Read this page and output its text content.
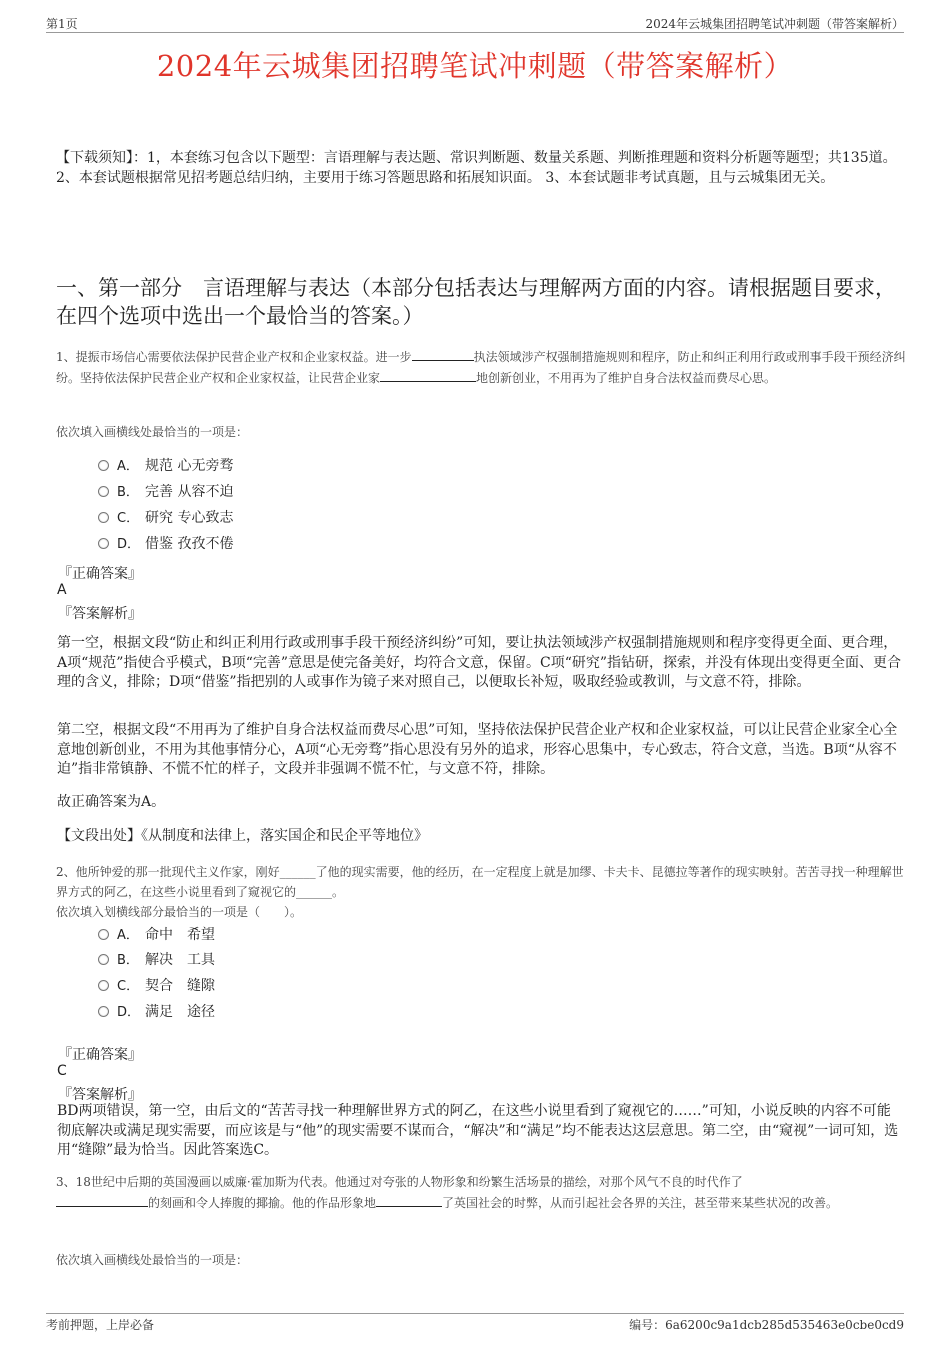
第1页	2024年云城集团招聘笔试冲刺题（带答案解析）
2024年云城集团招聘笔试冲刺题（带答案解析）
【下载须知】：1，本套练习包含以下题型：言语理解与表达题、常识判断题、数量关系题、判断推理题和资料分析题等题型；共135道。 2、本套试题根据常见招考题总结归纳，主要用于练习答题思路和拓展知识面。 3、本套试题非考试真题，且与云城集团无关。
一、第一部分　言语理解与表达（本部分包括表达与理解两方面的内容。请根据题目要求，在四个选项中选出一个最恰当的答案。）
1、提振市场信心需要依法保护民营企业产权和企业家权益。进一步	执法领域涉产权强制措施规则和程序，防止和纠正利用行政或刑事手段干预经济纠纷。坚持依法保护民营企业产权和企业家权益，让民营企业家	地创新创业，不用再为了维护自身合法权益而费尽心思。
依次填入画横线处最恰当的一项是：
A． 规范 心无旁骛
B． 完善 从容不迫
C． 研究 专心致志
D． 借鉴 孜孜不倦
『正确答案』
A
『答案解析』
第一空，根据文段“防止和纠正利用行政或刑事手段干预经济纠纷”可知，要让执法领域涉产权强制措施规则和程序变得更全面、更合理，A项“规范”指使合乎模式，B项“完善”意思是使完备美好，均符合文意，保留。C项“研究”指钻研，探索，并没有体现出变得更全面、更合理的含义，排除；D项“借鉴”指把别的人或事作为镜子来对照自己，以便取长补短，吸取经验或教训，与文意不符，排除。
第二空，根据文段“不用再为了维护自身合法权益而费尽心思”可知，坚持依法保护民营企业产权和企业家权益，可以让民营企业家全心全意地创新创业，不用为其他事情分心，A项“心无旁骛”指心思没有另外的追求，形容心思集中，专心致志，符合文意，当选。B项“从容不迫”指非常镇静、不慌不忙的样子，文段并非强调不慌不忙，与文意不符，排除。
故正确答案为A。
【文段出处】《从制度和法律上，落实国企和民企平等地位》
2、他所钟爱的那一批现代主义作家，刚好______了他的现实需要，他的经历，在一定程度上就是加缪、卡夫卡、昆德拉等著作的现实映射。苦苦寻找一种理解世界方式的阿乙，在这些小说里看到了窥视它的______。
依次填入划横线部分最恰当的一项是（　　）。
A． 命中　希望
B． 解决　工具
C． 契合　缝隙
D． 满足　途径
『正确答案』
C
『答案解析』
BD两项错误，第一空，由后文的“苦苦寻找一种理解世界方式的阿乙，在这些小说里看到了窥视它的……”可知，小说反映的内容不可能彻底解决或满足现实需要，而应该是与“他”的现实需要不谋而合，“解决”和“满足”均不能表达这层意思。第二空，由“窥视”一词可知，选用“缝隙”最为恰当。因此答案选C。
3、18世纪中后期的英国漫画以威廉·霍加斯为代表。他通过对夸张的人物形象和纷繁生活场景的描绘，对那个风气不良的时代作了
的刻画和令人捧腹的揶揄。他的作品形象地	了英国社会的时弊，从而引起社会各界的关注，甚至带来某些状况的改善。
依次填入画横线处最恰当的一项是：
考前押题，上岸必备	编号：6a6200c9a1dcb285d535463e0cbe0cd9
